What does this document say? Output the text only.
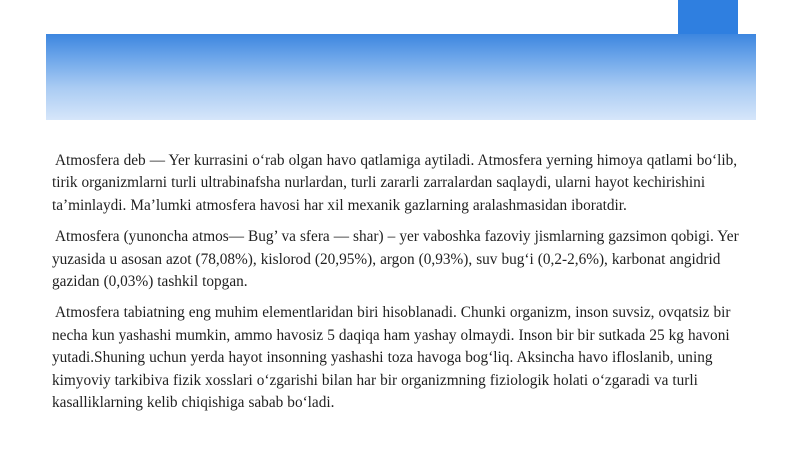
Atmosfera deb — Yer kurrasini o‘rab olgan havo qatlamiga aytiladi. Atmosfera yerning himoya qatlami bo‘lib, tirik organizmlarni turli ultrabinafsha nurlardan, turli zararli zarralardan saqlaydi, ularni hayot kechirishini ta’minlaydi. Ma’lumki atmosfera havosi har xil mexanik gazlarning aralashmasidan iboratdir.

Atmosfera (yunoncha atmos— Bug’ va sfera — shar) – yer vaboshka fazoviy jismlarning gazsimon qobigi. Yer yuzasida u asosan azot (78,08%), kislorod (20,95%), argon (0,93%), suv bug‘i (0,2-2,6%), karbonat angidrid gazidan (0,03%) tashkil topgan.

Atmosfera tabiatning eng muhim elementlaridan biri hisoblanadi. Chunki organizm, inson suvsiz, ovqatsiz bir necha kun yashashi mumkin, ammo havosiz 5 daqiqa ham yashay olmaydi. Inson bir bir sutkada 25 kg havoni yutadi.Shuning uchun yerda hayot insonning yashashi toza havoga bog‘liq. Aksincha havo ifloslanib, uning kimyoviy tarkibiva fizik xosslari o‘zgarishi bilan har bir organizmning fiziologik holati o‘zgaradi va turli kasalliklarning kelib chiqishiga sabab bo‘ladi.
